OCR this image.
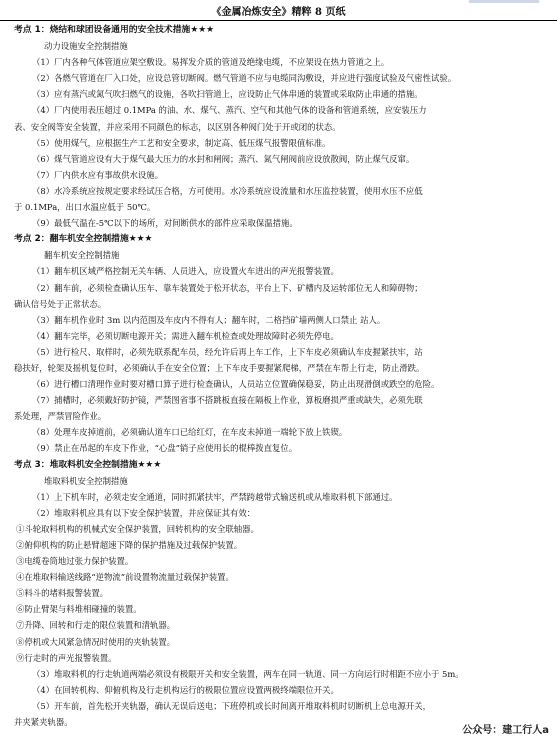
《金属冶炼安全》精粹 8 页纸
考点 1：烧结和球团设备通用的安全技术措施★★★
动力设施安全控制措施
（1）厂内各种气体管道应架空敷设。易挥发介质的管道及绝缘电缆，不应架设在热力管道之上。
（2）各燃气管道在厂入口处，应设总管切断阀。燃气管道不应与电缆同沟敷设，并应进行强度试验及气密性试验。
（3）应有蒸汽或氮气吹扫燃气的设施，各吹扫管道上，应设防止气体串通的装置或采取防止串通的措施。
（4）厂内使用表压超过 0.1MPa 的油、水、煤气、蒸汽、空气和其他气体的设备和管道系统，应安装压力
表、安全阀等安全装置，并应采用不同颜色的标志，以区别各种阀门处于开或闭的状态。
（5）使用煤气，应根据生产工艺和安全要求，制定高、低压煤气报警限值标准。
（6）煤气管道应设有大于煤气最大压力的水封和闸阀；蒸汽、氮气闸阀前应设放散阀，防止煤气反窜。
（7）厂内供水应有事故供水设施。
（8）水冷系统应按规定要求经试压合格，方可使用。水冷系统应设流量和水压监控装置，使用水压不应低
于 0.1MPa，出口水温应低于 50℃。
（9）最低气温在-5℃以下的场所，对间断供水的部件应采取保温措施。
考点 2：翻车机安全控制措施★★★
翻车机安全控制措施
（1）翻车机区域严格控制无关车辆、人员进入，应设置火车进出的声光报警装置。
（2）翻车前，必须检查确认压车、靠车装置处于松开状态，平台上下、矿槽内及运转部位无人和障碍物；
确认信号处于正常状态。
（3）翻车机作业时 3m 以内范围及车皮内不得有人；翻车时，二格挡矿墙两侧人口禁止 站人。
（4）翻车完毕，必须切断电源开关；需进入翻车机检查或处理故障时必须先停电。
（5）进行检尺、取样时，必须先联系配车员，经允许后再上车工作，上下车皮必须确认车皮握紧扶牢，站
稳扶好，轮架及摇机复位时，必须确认手在安全位置；上下车皮手要握紧爬梯，严禁在车帮上行走，防止滑跌。
（6）进行槽口清理作业时要对槽口算子进行检查确认，人员站立位置确保稳妥，防止出现滑倒或跌空的危险。
（7）捕槽时，必须戴好防护镜，严禁图省事不搭跳板直接在隔板上作业，算板磨损严重或缺失，必须先联
系处理，严禁冒险作业。
（8）处理车皮掉道前，必须确认道车口已给红灯，在车皮未掉道一端轮下放上铁锲。
（9）禁止在吊起的车皮下作业，“心盘”销子应使用长的棍棒拨直复位。
考点 3：堆取料机安全控制措施★★★
堆取料机安全控制措施
（1）上下机车时，必须走安全通道，同时抓紧扶牢，严禁跨越带式输送机或从堆取料机下部通过。
（2）堆取料机应具有以下安全保护装置，并应保证其有效：
①斗轮取料机构的机械式安全保护装置，回转机构的安全联轴器。
②俯仰机构的防止悬臂超速下降的保护措施及过载保护装置。
③电缆卷筒地过张力保护装置。
④在堆取料输送线路“逆物流”前设置物流量过载保护装置。
⑤料斗的堵料报警装置。
⑥防止臂架与料堆相碰撞的装置。
⑦升降、回转和行走的限位装置和清轨器。
⑧停机或大风紧急情况时使用的夹轨装置。
⑨行走时的声光报警装置。
（3）堆取料机的行走轨道两端必须设有极限开关和安全装置，两车在同一轨道、同一方向运行时相距不应小于 5m。
（4）在回转机构、仰俯机构及行走机构运行的极限位置应设置两极终端限位开关。
（5）开车前，首先松开夹轨器，确认无误后送电；下班停机或长时间离开堆取料机时切断机上总电源开关，
并夹紧夹轨器。
公众号：建工行人a
